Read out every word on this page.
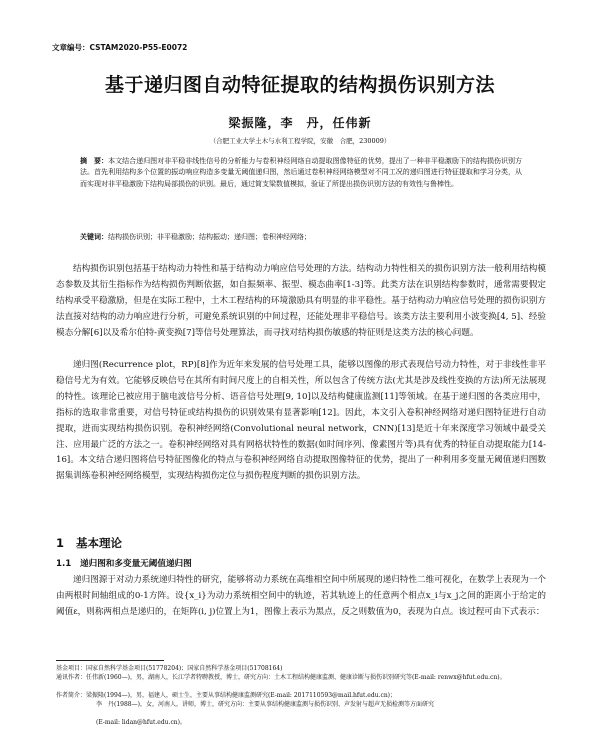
文章编号：CSTAM2020-P55-E0072
基于递归图自动特征提取的结构损伤识别方法
梁振隆，李　丹，任伟新
（合肥工业大学土木与水利工程学院，安徽　合肥，230009）
摘　要：本文结合递归图对非平稳非线性信号的分析能力与卷积神经网络自动提取图像特征的优势，提出了一种非平稳激励下的结构损伤识别方法。首先利用结构多个位置的振动响应构造多变量无阈值递归图，然后通过卷积神经网络模型对不同工况的递归图进行特征提取和学习分类，从而实现对非平稳激励下结构局部损伤的识别。最后，通过简支梁数值模拟，验证了所提出损伤识别方法的有效性与鲁棒性。
关键词：结构损伤识别；非平稳激励；结构振动；递归图；卷积神经网络；
结构损伤识别包括基于结构动力特性和基于结构动力响应信号处理的方法。结构动力特性相关的损伤识别方法一般利用结构模态参数及其衍生指标作为结构损伤判断依据，如自振频率、振型、模态曲率[1-3]等。此类方法在识别结构参数时，通常需要假定结构承受平稳激励，但是在实际工程中，土木工程结构的环境激励具有明显的非平稳性。基于结构动力响应信号处理的损伤识别方法直接对结构的动力响应进行分析，可避免系统识别的中间过程，还能处理非平稳信号。该类方法主要利用小波变换[4, 5]、经验模态分解[6]以及希尔伯特-黄变换[7]等信号处理算法，而寻找对结构损伤敏感的特征则是这类方法的核心问题。
递归图(Recurrence plot，RP)[8]作为近年来发展的信号处理工具，能够以图像的形式表现信号动力特性，对于非线性非平稳信号尤为有效。它能够反映信号在其所有时间尺度上的自相关性，所以包含了传统方法(尤其是涉及线性变换的方法)所无法展现的特性。该理论已被应用于脑电波信号分析、语音信号处理[9, 10]以及结构健康监测[11]等领域。在基于递归图的各类应用中，指标的选取非常重要，对信号特征或结构损伤的识别效果有显著影响[12]。因此，本文引入卷积神经网络对递归图特征进行自动提取，进而实现结构损伤识别。卷积神经网络(Convolutional neural network，CNN)[13]是近十年来深度学习领域中最受关注、应用最广泛的方法之一。卷积神经网络对具有网格状特性的数据(如时间序列、像素图片等)具有优秀的特征自动提取能力[14-16]。本文结合递归图将信号特征图像化的特点与卷积神经网络自动提取图像特征的优势，提出了一种利用多变量无阈值递归图数据集训练卷积神经网络模型，实现结构损伤定位与损伤程度判断的损伤识别方法。
1 基本理论
1.1 递归图和多变量无阈值递归图
递归图源于对动力系统递归特性的研究，能够将动力系统在高维相空间中所展现的递归特性二维可视化，在数学上表现为一个由两根时间轴组成的0-1方阵。设{x_i}为动力系统相空间中的轨迹，若其轨迹上的任意两个相点x_i与x_j之间的距离小于给定的阈值ε，则称两相点是递归的，在矩阵(i, j)位置上为1，图像上表示为黑点，反之则数值为0，表现为白点。该过程可由下式表示：
基金项目：国家自然科学基金项目(51778204)；国家自然科学基金项目(51708164)
通讯作者：任伟新(1960—)，男，湖南人，长江学者特聘教授，博士，研究方向：土木工程结构健康监测、健康诊断与损伤识别研究等(E-mail: renwx@hfut.edu.cn)。
作者简介：梁振隆(1994—)，男，福建人，硕士生，主要从事结构健康监测研究(E-mail: 2017110593@mail.hfut.edu.cn)；
李　丹(1988—)，女，河南人，讲师，博士，研究方向：主要从事结构健康监测与损伤识别、声发射与超声无损检测等方面研究
(E-mail: lidan@hfut.edu.cn)。
